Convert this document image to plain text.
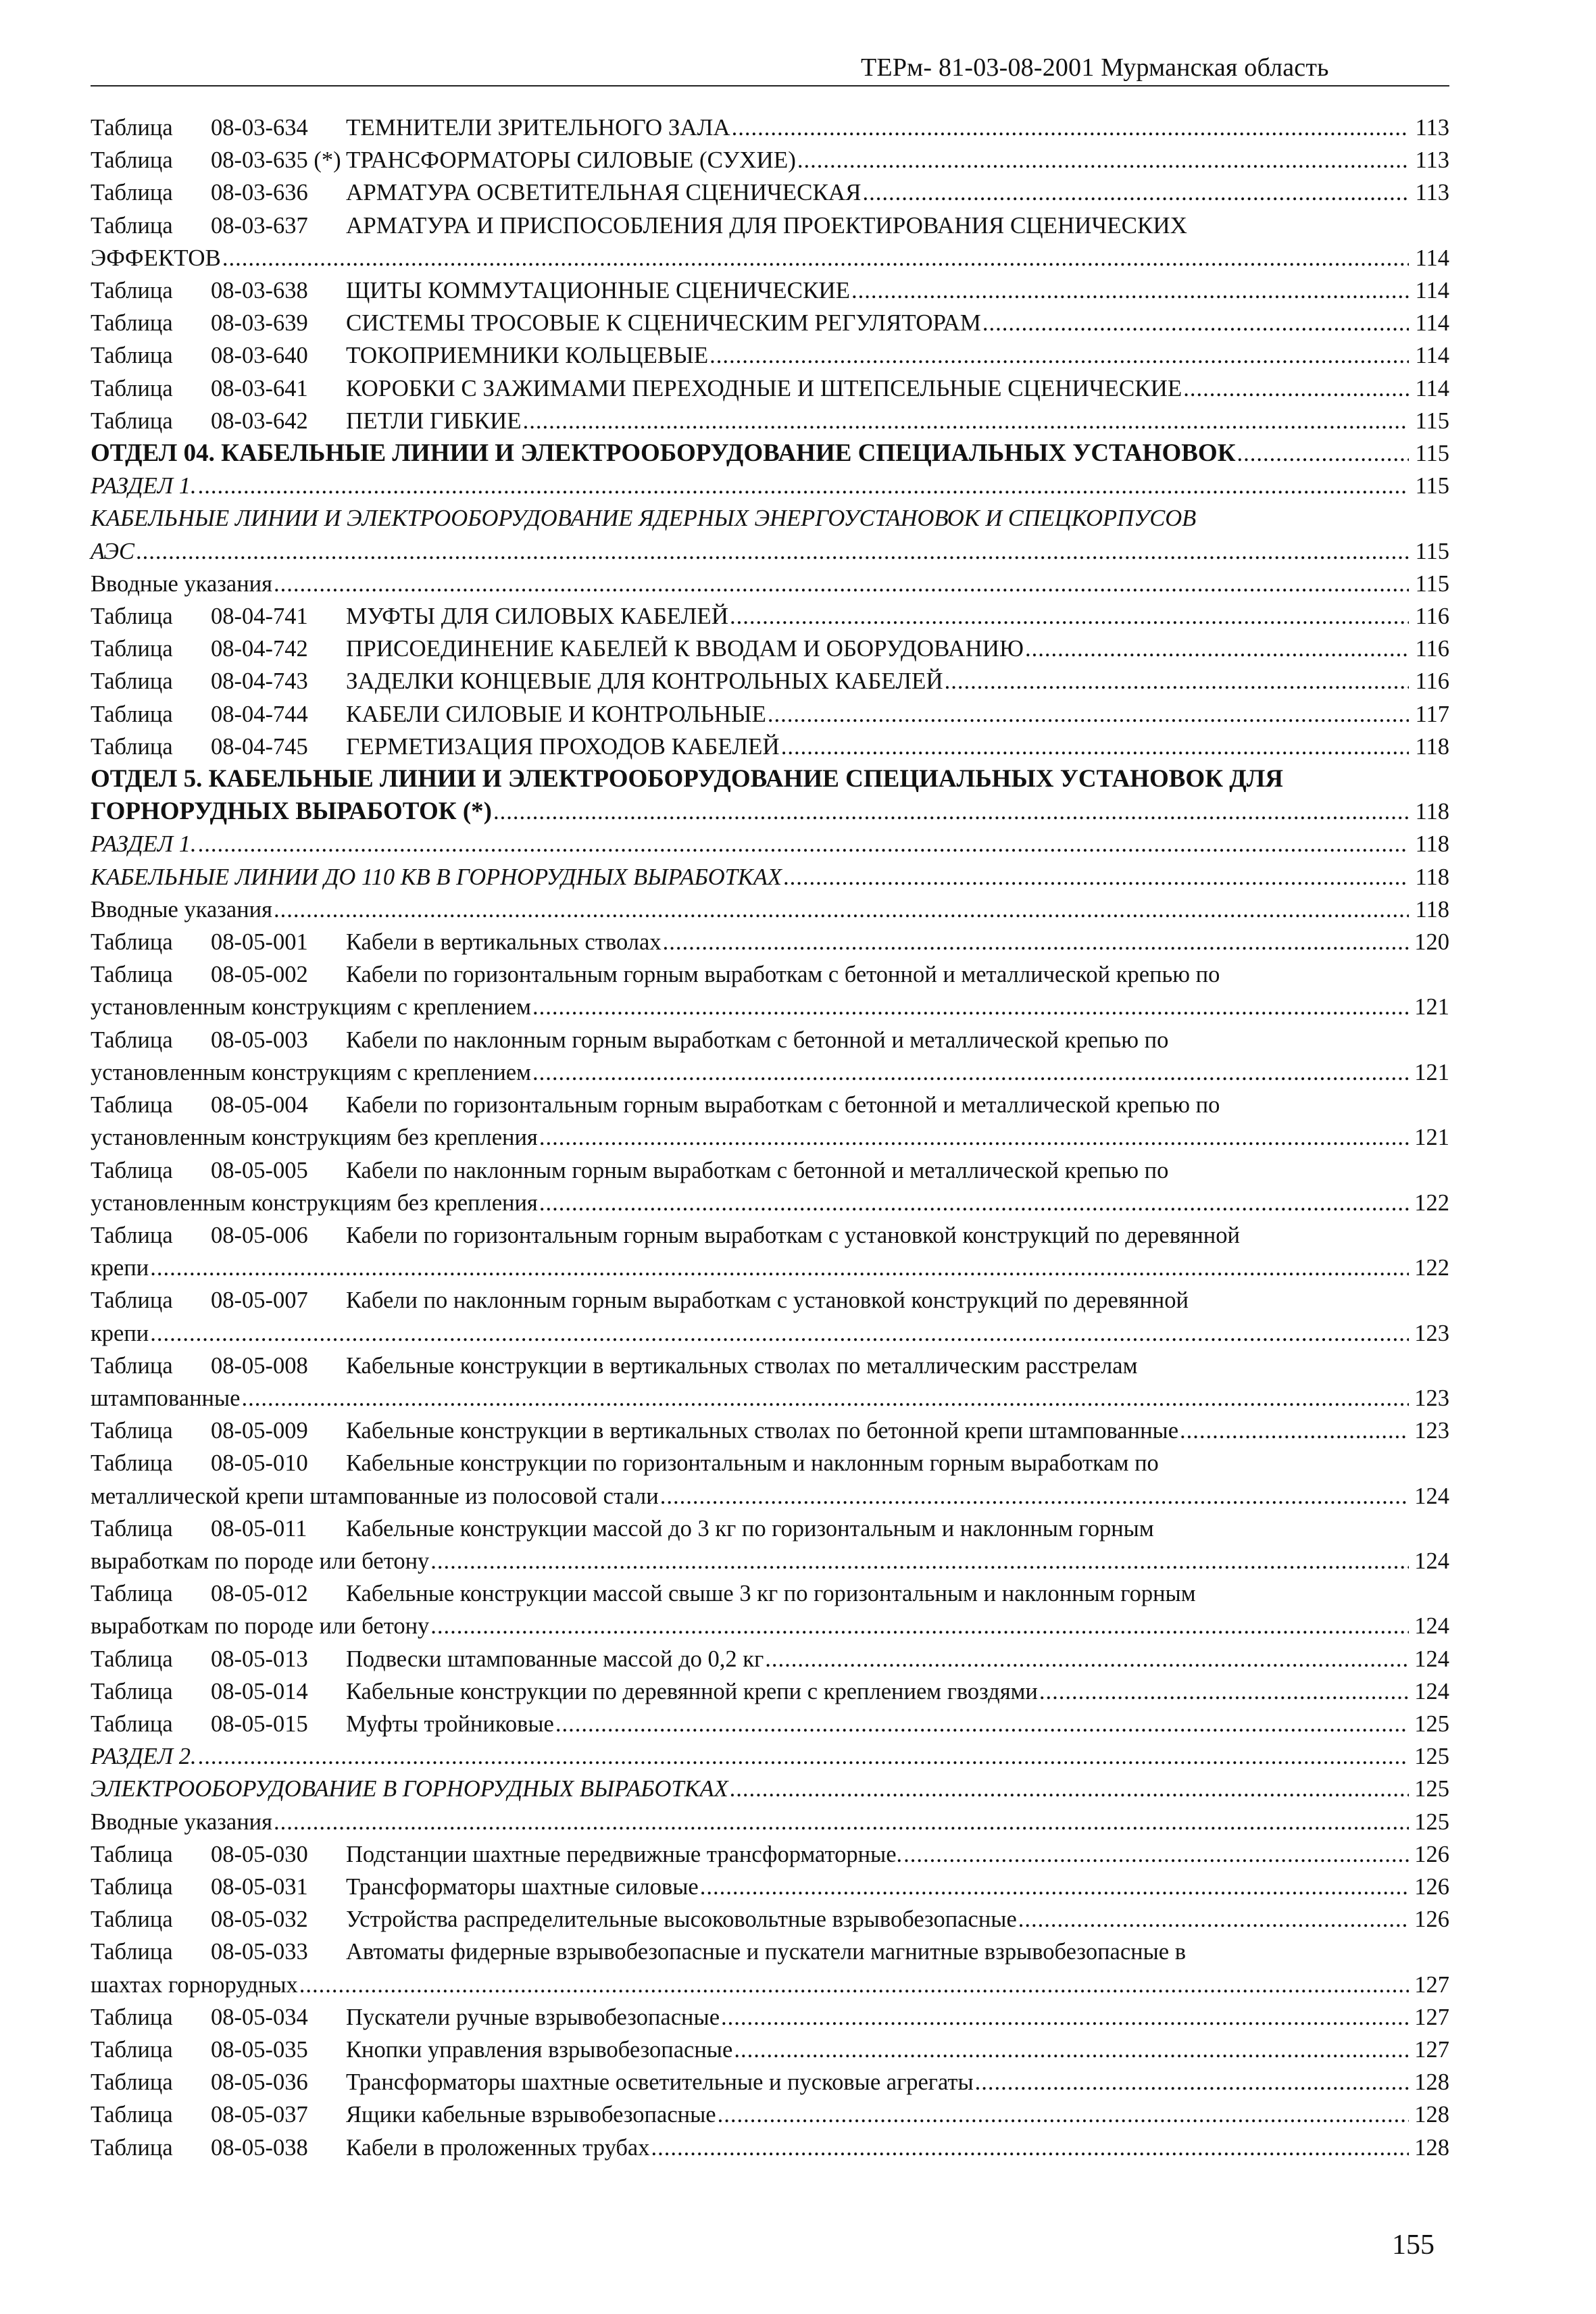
ТЕРм- 81-03-08-2001 Мурманская область
Таблица	08-03-634	ТЕМНИТЕЛИ ЗРИТЕЛЬНОГО ЗАЛА .....	113
Таблица	08-03-635 (*) ТРАНСФОРМАТОРЫ СИЛОВЫЕ (СУХИЕ) .....	113
Таблица	08-03-636	АРМАТУРА ОСВЕТИТЕЛЬНАЯ СЦЕНИЧЕСКАЯ .....	113
Таблица	08-03-637	АРМАТУРА И ПРИСПОСОБЛЕНИЯ ДЛЯ ПРОЕКТИРОВАНИЯ СЦЕНИЧЕСКИХ
ЭФФЕКТОВ .....	114
Таблица	08-03-638	ЩИТЫ КОММУТАЦИОННЫЕ СЦЕНИЧЕСКИЕ .....	114
Таблица	08-03-639	СИСТЕМЫ ТРОСОВЫЕ К СЦЕНИЧЕСКИМ РЕГУЛЯТОРАМ .....	114
Таблица	08-03-640	ТОКОПРИЕМНИКИ КОЛЬЦЕВЫЕ .....	114
Таблица	08-03-641	КОРОБКИ С ЗАЖИМАМИ ПЕРЕХОДНЫЕ И ШТЕПСЕЛЬНЫЕ СЦЕНИЧЕСКИЕ .....	114
Таблица	08-03-642	ПЕТЛИ ГИБКИЕ .....	115
ОТДЕЛ 04. КАБЕЛЬНЫЕ ЛИНИИ И ЭЛЕКТРООБОРУДОВАНИЕ СПЕЦИАЛЬНЫХ УСТАНОВОК .....	115
РАЗДЕЛ 1. .....	115
КАБЕЛЬНЫЕ ЛИНИИ И ЭЛЕКТРООБОРУДОВАНИЕ ЯДЕРНЫХ ЭНЕРГОУСТАНОВОК И СПЕЦКОРПУСОВ
АЭС .....	115
Вводные указания .....	115
Таблица	08-04-741	МУФТЫ ДЛЯ СИЛОВЫХ КАБЕЛЕЙ .....	116
Таблица	08-04-742	ПРИСОЕДИНЕНИЕ КАБЕЛЕЙ К ВВОДАМ И ОБОРУДОВАНИЮ .....	116
Таблица	08-04-743	ЗАДЕЛКИ КОНЦЕВЫЕ ДЛЯ КОНТРОЛЬНЫХ КАБЕЛЕЙ .....	116
Таблица	08-04-744	КАБЕЛИ СИЛОВЫЕ И КОНТРОЛЬНЫЕ .....	117
Таблица	08-04-745	ГЕРМЕТИЗАЦИЯ ПРОХОДОВ КАБЕЛЕЙ .....	118
ОТДЕЛ 5. КАБЕЛЬНЫЕ ЛИНИИ И ЭЛЕКТРООБОРУДОВАНИЕ СПЕЦИАЛЬНЫХ УСТАНОВОК ДЛЯ
ГОРНОРУДНЫХ ВЫРАБОТОК (*) .....	118
РАЗДЕЛ 1. .....	118
КАБЕЛЬНЫЕ ЛИНИИ ДО 110 КВ В ГОРНОРУДНЫХ ВЫРАБОТКАХ .....	118
Вводные указания .....	118
Таблица	08-05-001	Кабели в вертикальных стволах .....	120
Таблица	08-05-002	Кабели по горизонтальным горным выработкам с бетонной и металлической крепью по
установленным конструкциям с креплением .....	121
Таблица	08-05-003	Кабели по наклонным горным выработкам с бетонной и металлической крепью по
установленным конструкциям с креплением .....	121
Таблица	08-05-004	Кабели по горизонтальным горным выработкам с бетонной и металлической крепью по
установленным конструкциям без крепления .....	121
Таблица	08-05-005	Кабели по наклонным горным выработкам с бетонной и металлической крепью по
установленным конструкциям без крепления .....	122
Таблица	08-05-006	Кабели по горизонтальным горным выработкам с установкой конструкций по деревянной
крепи .....	122
Таблица	08-05-007	Кабели по наклонным горным выработкам с установкой конструкций по деревянной
крепи .....	123
Таблица	08-05-008	Кабельные конструкции в вертикальных стволах по металлическим расстрелам
штампованные .....	123
Таблица	08-05-009	Кабельные конструкции в вертикальных стволах по бетонной крепи штампованные .....	123
Таблица	08-05-010	Кабельные конструкции по горизонтальным и наклонным горным выработкам по
металлической крепи штампованные из полосовой стали .....	124
Таблица	08-05-011	Кабельные конструкции массой до 3 кг по горизонтальным и наклонным горным
выработкам по породе или бетону .....	124
Таблица	08-05-012	Кабельные конструкции массой свыше 3 кг по горизонтальным и наклонным горным
выработкам по породе или бетону .....	124
Таблица	08-05-013	Подвески штампованные массой до 0,2 кг .....	124
Таблица	08-05-014	Кабельные конструкции по деревянной крепи с креплением гвоздями .....	124
Таблица	08-05-015	Муфты тройниковые .....	125
РАЗДЕЛ 2. .....	125
ЭЛЕКТРООБОРУДОВАНИЕ В ГОРНОРУДНЫХ ВЫРАБОТКАХ .....	125
Вводные указания .....	125
Таблица	08-05-030	Подстанции шахтные передвижные трансформаторные. .....	126
Таблица	08-05-031	Трансформаторы шахтные силовые .....	126
Таблица	08-05-032	Устройства распределительные высоковольтные взрывобезопасные .....	126
Таблица	08-05-033	Автоматы фидерные взрывобезопасные и пускатели магнитные взрывобезопасные в
шахтах горнорудных .....	127
Таблица	08-05-034	Пускатели ручные взрывобезопасные .....	127
Таблица	08-05-035	Кнопки управления взрывобезопасные .....	127
Таблица	08-05-036	Трансформаторы шахтные осветительные и пусковые агрегаты .....	128
Таблица	08-05-037	Ящики кабельные взрывобезопасные .....	128
Таблица	08-05-038	Кабели в проложенных трубах .....	128
155
